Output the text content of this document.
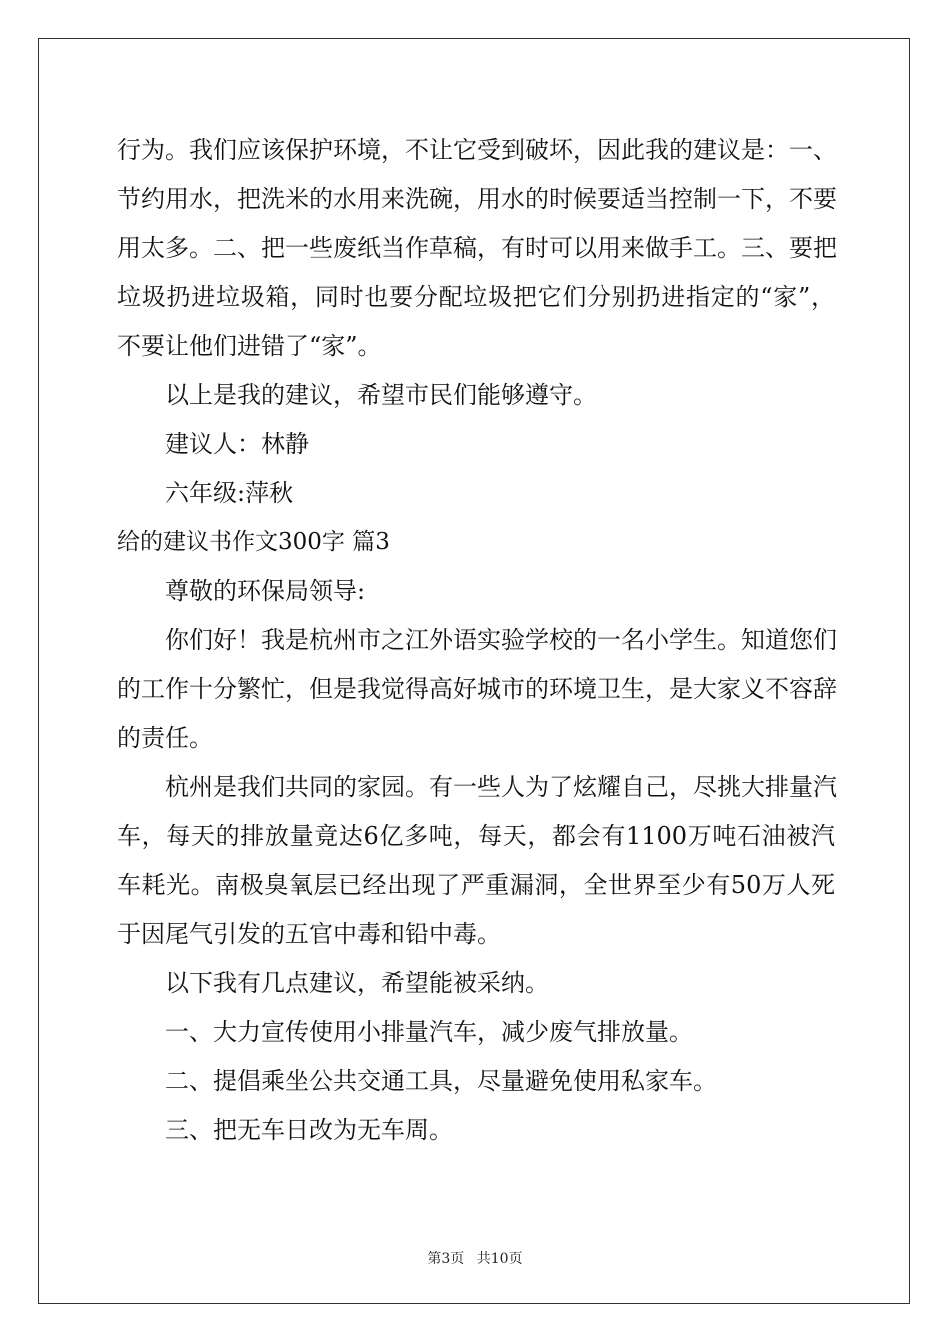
行为。我们应该保护环境，不让它受到破坏，因此我的建议是：一、
节约用水，把洗米的水用来洗碗，用水的时候要适当控制一下，不要
用太多。二、把一些废纸当作草稿，有时可以用来做手工。三、要把
垃圾扔进垃圾箱，同时也要分配垃圾把它们分别扔进指定的“家”，
不要让他们进错了“家”。
以上是我的建议，希望市民们能够遵守。
建议人：林静
六年级:萍秋
给的建议书作文300字 篇3
尊敬的环保局领导:
你们好！我是杭州市之江外语实验学校的一名小学生。知道您们
的工作十分繁忙，但是我觉得高好城市的环境卫生，是大家义不容辞
的责任。
杭州是我们共同的家园。有一些人为了炫耀自己，尽挑大排量汽
车，每天的排放量竟达6亿多吨，每天，都会有1100万吨石油被汽
车耗光。南极臭氧层已经出现了严重漏洞，全世界至少有50万人死
于因尾气引发的五官中毒和铅中毒。
以下我有几点建议，希望能被采纳。
一、大力宣传使用小排量汽车，减少废气排放量。
二、提倡乘坐公共交通工具，尽量避免使用私家车。
三、把无车日改为无车周。
第3页 共10页
